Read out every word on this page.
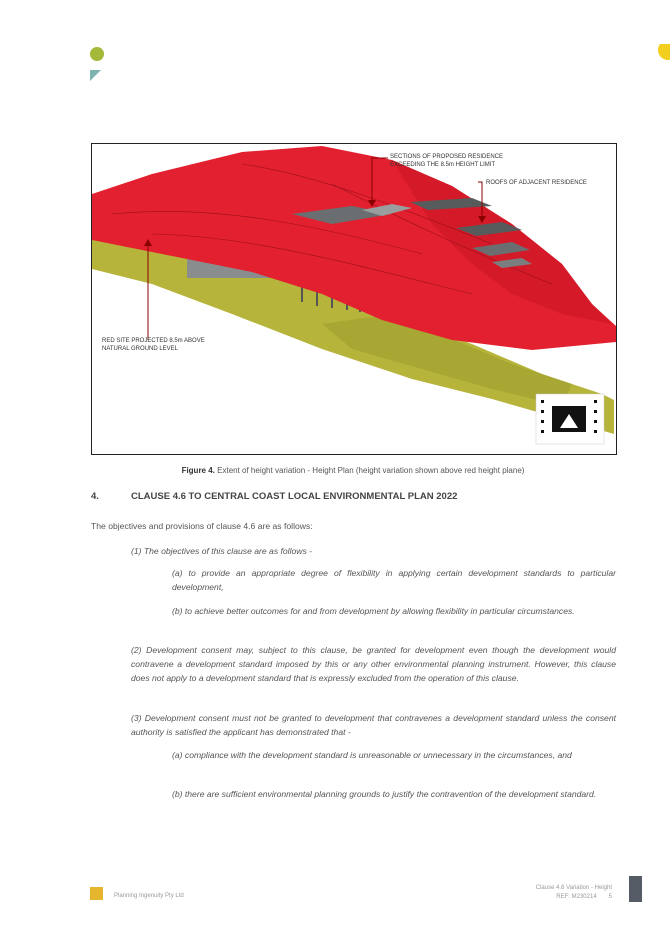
SECTIONS OF PROPOSED RESIDENCE
EXCEEDING THE 8.5m HEIGHT LIMIT
ROOFS OF ADJACENT RESIDENCE
RED SITE PROJECTED 8.5m ABOVE
NATURAL GROUND LEVEL
Figure 4. Extent of height variation - Height Plan (height variation shown above red height plane)
4.	CLAUSE 4.6 TO CENTRAL COAST LOCAL ENVIRONMENTAL PLAN 2022
The objectives and provisions of clause 4.6 are as follows:
(1) The objectives of this clause are as follows -
(a) to provide an appropriate degree of flexibility in applying certain development standards to particular development,
(b) to achieve better outcomes for and from development by allowing flexibility in particular circumstances.
(2) Development consent may, subject to this clause, be granted for development even though the development would contravene a development standard imposed by this or any other environmental planning instrument. However, this clause does not apply to a development standard that is expressly excluded from the operation of this clause.
(3) Development consent must not be granted to development that contravenes a development standard unless the consent authority is satisfied the applicant has demonstrated that -
(a) compliance with the development standard is unreasonable or unnecessary in the circumstances, and
(b) there are sufficient environmental planning grounds to justify the contravention of the development standard.
Planning Ingenuity Pty Ltd
Clause 4.6 Variation - Height
REF: M230214 5
